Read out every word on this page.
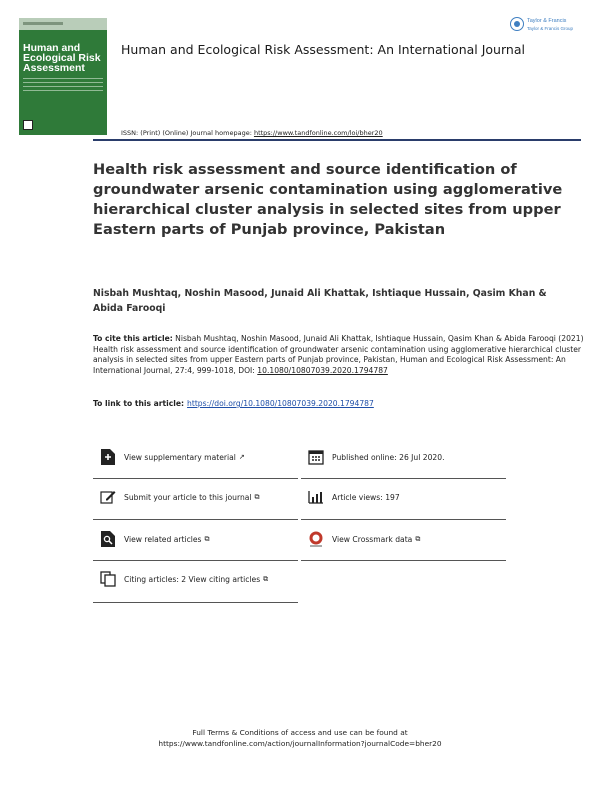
Human and Ecological Risk Assessment
Human and Ecological Risk Assessment: An International Journal
Taylor & Francis
Taylor & Francis Group
ISSN: (Print) (Online) Journal homepage: https://www.tandfonline.com/loi/bher20
Health risk assessment and source identification of groundwater arsenic contamination using agglomerative hierarchical cluster analysis in selected sites from upper Eastern parts of Punjab province, Pakistan
Nisbah Mushtaq, Noshin Masood, Junaid Ali Khattak, Ishtiaque Hussain, Qasim Khan & Abida Farooqi
To cite this article: Nisbah Mushtaq, Noshin Masood, Junaid Ali Khattak, Ishtiaque Hussain, Qasim Khan & Abida Farooqi (2021) Health risk assessment and source identification of groundwater arsenic contamination using agglomerative hierarchical cluster analysis in selected sites from upper Eastern parts of Punjab province, Pakistan, Human and Ecological Risk Assessment: An International Journal, 27:4, 999-1018, DOI: 10.1080/10807039.2020.1794787
To link to this article: https://doi.org/10.1080/10807039.2020.1794787
View supplementary material ↗
Submit your article to this journal ⧉
View related articles ⧉
Citing articles: 2 View citing articles ⧉
Published online: 26 Jul 2020.
Article views: 197
View Crossmark data ⧉
Full Terms & Conditions of access and use can be found at
https://www.tandfonline.com/action/journalInformation?journalCode=bher20
